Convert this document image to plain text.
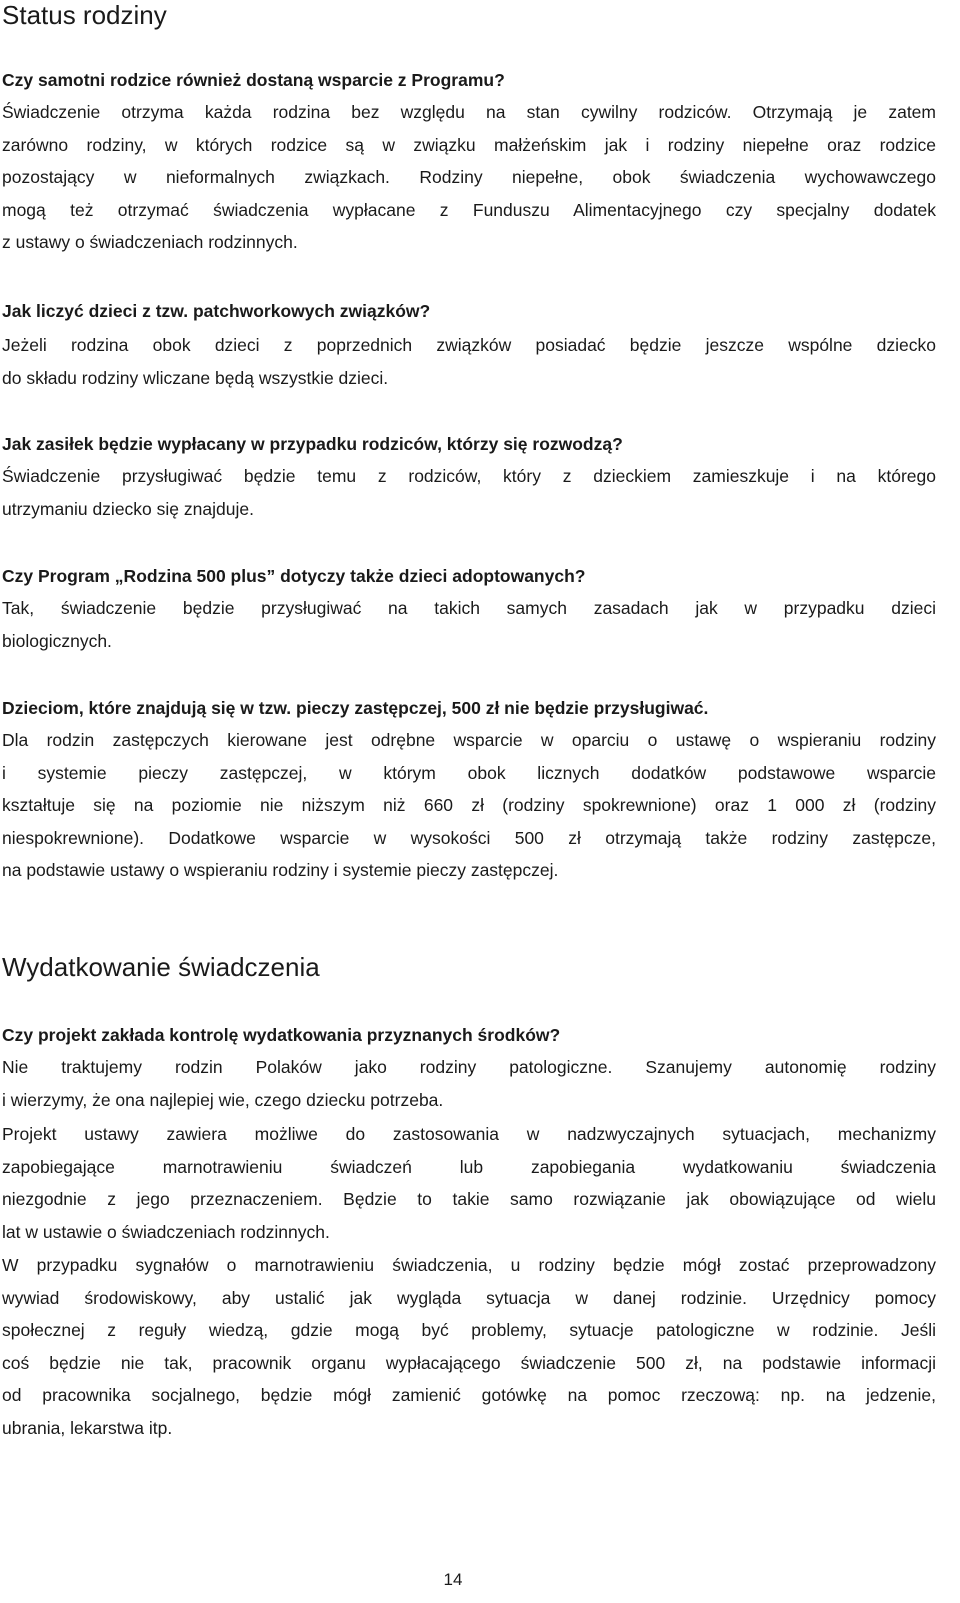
Status rodziny

Czy samotni rodzice również dostaną wsparcie z Programu?

Świadczenie otrzyma każda rodzina bez względu na stan cywilny rodziców. Otrzymają je zatem
zarówno rodziny, w których rodzice są w związku małżeńskim jak i rodziny niepełne oraz rodzice
pozostający w nieformalnych związkach. Rodziny niepełne, obok świadczenia wychowawczego
mogą też otrzymać świadczenia wypłacane z Funduszu Alimentacyjnego czy specjalny dodatek
z ustawy o świadczeniach rodzinnych.

Jak liczyć dzieci z tzw. patchworkowych związków?

Jeżeli rodzina obok dzieci z poprzednich związków posiadać będzie jeszcze wspólne dziecko
do składu rodziny wliczane będą wszystkie dzieci.

Jak zasiłek będzie wypłacany w przypadku rodziców, którzy się rozwodzą?

Świadczenie przysługiwać będzie temu z rodziców, który z dzieckiem zamieszkuje i na którego
utrzymaniu dziecko się znajduje.

Czy Program „Rodzina 500 plus” dotyczy także dzieci adoptowanych?

Tak, świadczenie będzie przysługiwać na takich samych zasadach jak w przypadku dzieci
biologicznych.

Dzieciom, które znajdują się w tzw. pieczy zastępczej, 500 zł nie będzie przysługiwać.

Dla rodzin zastępczych kierowane jest odrębne wsparcie w oparciu o ustawę o wspieraniu rodziny
i systemie pieczy zastępczej, w którym obok licznych dodatków podstawowe wsparcie
kształtuje się na poziomie nie niższym niż 660 zł (rodziny spokrewnione) oraz 1 000 zł (rodziny
niespokrewnione). Dodatkowe wsparcie w wysokości 500 zł otrzymają także rodziny zastępcze,
na podstawie ustawy o wspieraniu rodziny i systemie pieczy zastępczej.
Wydatkowanie świadczenia

Czy projekt zakłada kontrolę wydatkowania przyznanych środków?

Nie traktujemy rodzin Polaków jako rodziny patologiczne. Szanujemy autonomię rodziny
i wierzymy, że ona najlepiej wie, czego dziecku potrzeba.
Projekt ustawy zawiera możliwe do zastosowania w nadzwyczajnych sytuacjach, mechanizmy
zapobiegające marnotrawieniu świadczeń lub zapobiegania wydatkowaniu świadczenia
niezgodnie z jego przeznaczeniem. Będzie to takie samo rozwiązanie jak obowiązujące od wielu
lat w ustawie o świadczeniach rodzinnych.
W przypadku sygnałów o marnotrawieniu świadczenia, u rodziny będzie mógł zostać przeprowadzony
wywiad środowiskowy, aby ustalić jak wygląda sytuacja w danej rodzinie. Urzędnicy pomocy
społecznej z reguły wiedzą, gdzie mogą być problemy, sytuacje patologiczne w rodzinie. Jeśli
coś będzie nie tak, pracownik organu wypłacającego świadczenie 500 zł, na podstawie informacji
od pracownika socjalnego, będzie mógł zamienić gotówkę na pomoc rzeczową: np. na jedzenie,
ubrania, lekarstwa itp.
14
